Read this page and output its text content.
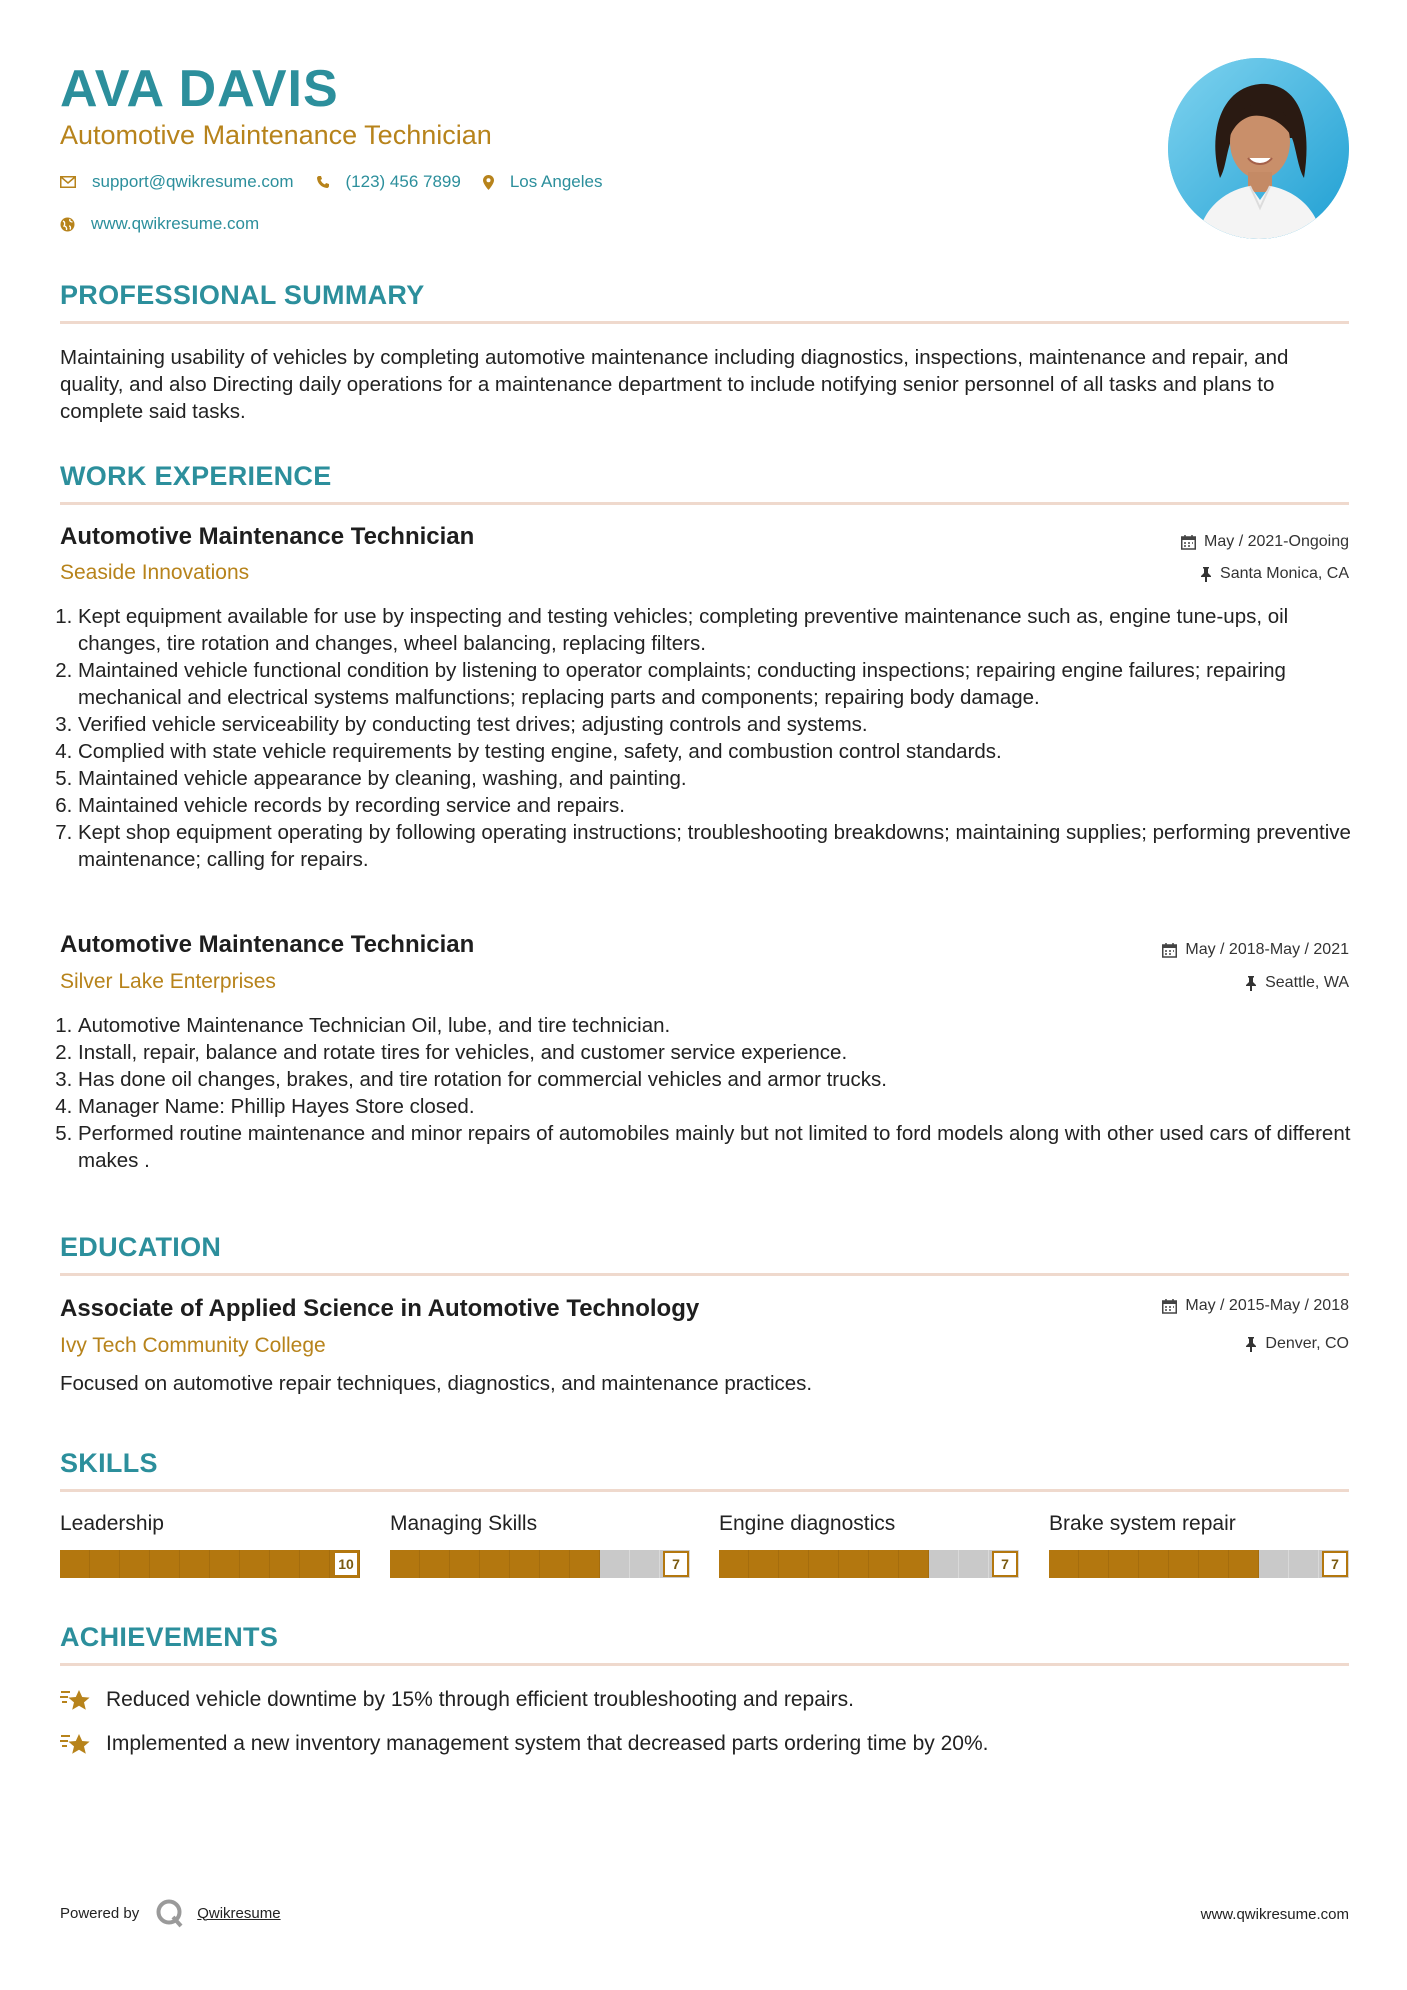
AVA DAVIS
Automotive Maintenance Technician
support@qwikresume.com	(123) 456 7899	Los Angeles
www.qwikresume.com
PROFESSIONAL SUMMARY

Maintaining usability of vehicles by completing automotive maintenance including diagnostics, inspections, maintenance and repair, and quality, and also Directing daily operations for a maintenance department to include notifying senior personnel of all tasks and plans to complete said tasks.

WORK EXPERIENCE
Automotive Maintenance Technician	May / 2021-Ongoing
Seaside Innovations	Santa Monica, CA
1. Kept equipment available for use by inspecting and testing vehicles; completing preventive maintenance such as, engine tune-ups, oil changes, tire rotation and changes, wheel balancing, replacing filters.
2. Maintained vehicle functional condition by listening to operator complaints; conducting inspections; repairing engine failures; repairing mechanical and electrical systems malfunctions; replacing parts and components; repairing body damage.
3. Verified vehicle serviceability by conducting test drives; adjusting controls and systems.
4. Complied with state vehicle requirements by testing engine, safety, and combustion control standards.
5. Maintained vehicle appearance by cleaning, washing, and painting.
6. Maintained vehicle records by recording service and repairs.
7. Kept shop equipment operating by following operating instructions; troubleshooting breakdowns; maintaining supplies; performing preventive maintenance; calling for repairs.
Automotive Maintenance Technician	May / 2018-May / 2021
Silver Lake Enterprises	Seattle, WA
1. Automotive Maintenance Technician Oil, lube, and tire technician.
2. Install, repair, balance and rotate tires for vehicles, and customer service experience.
3. Has done oil changes, brakes, and tire rotation for commercial vehicles and armor trucks.
4. Manager Name: Phillip Hayes Store closed.
5. Performed routine maintenance and minor repairs of automobiles mainly but not limited to ford models along with other used cars of different makes .
EDUCATION
Associate of Applied Science in Automotive Technology	May / 2015-May / 2018
Ivy Tech Community College	Denver, CO

Focused on automotive repair techniques, diagnostics, and maintenance practices.

SKILLS
Leadership
10
Managing Skills
7
Engine diagnostics
7
Brake system repair
7
ACHIEVEMENTS
Reduced vehicle downtime by 15% through efficient troubleshooting and repairs.
Implemented a new inventory management system that decreased parts ordering time by 20%.
Powered by	Qwikresume	www.qwikresume.com
